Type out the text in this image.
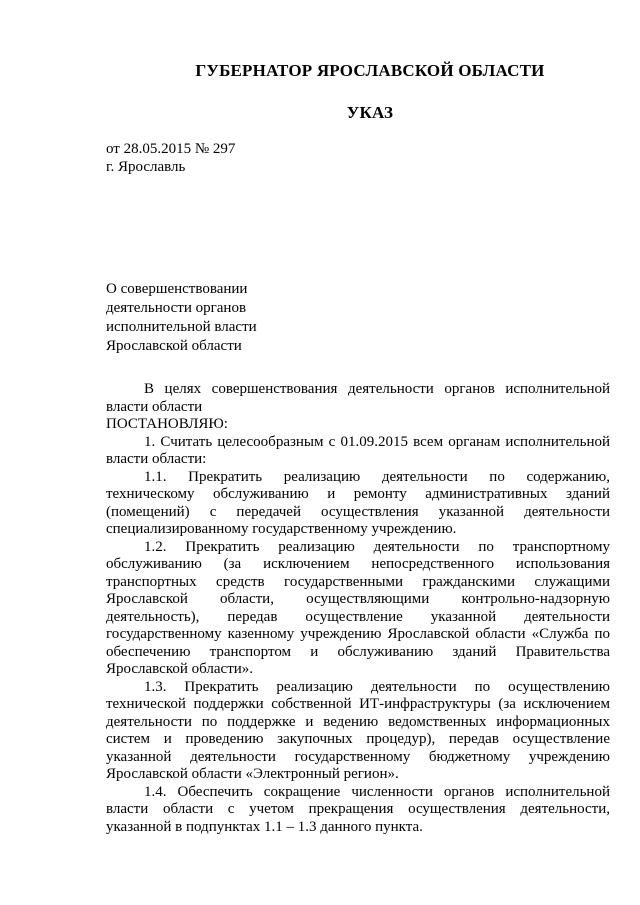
ГУБЕРНАТОР ЯРОСЛАВСКОЙ ОБЛАСТИ
УКАЗ
от 28.05.2015 № 297
г. Ярославль
О совершенствовании
деятельности органов
исполнительной власти
Ярославской области

В целях совершенствования деятельности органов исполнительной власти области

ПОСТАНОВЛЯЮ:

1. Считать целесообразным с 01.09.2015 всем органам исполнительной власти области:

1.1. Прекратить реализацию деятельности по содержанию, техническому обслуживанию и ремонту административных зданий (помещений) с передачей осуществления указанной деятельности специализированному государственному учреждению.

1.2. Прекратить реализацию деятельности по транспортному обслуживанию (за исключением непосредственного использования транспортных средств государственными гражданскими служащими Ярославской области, осуществляющими контрольно-надзорную деятельность), передав осуществление указанной деятельности государственному казенному учреждению Ярославской области «Служба по обеспечению транспортом и обслуживанию зданий Правительства Ярославской области».

1.3. Прекратить реализацию деятельности по осуществлению технической поддержки собственной ИТ-инфраструктуры (за исключением деятельности по поддержке и ведению ведомственных информационных систем и проведению закупочных процедур), передав осуществление указанной деятельности государственному бюджетному учреждению Ярославской области «Электронный регион».

1.4. Обеспечить сокращение численности органов исполнительной власти области с учетом прекращения осуществления деятельности, указанной в подпунктах 1.1 – 1.3 данного пункта.
